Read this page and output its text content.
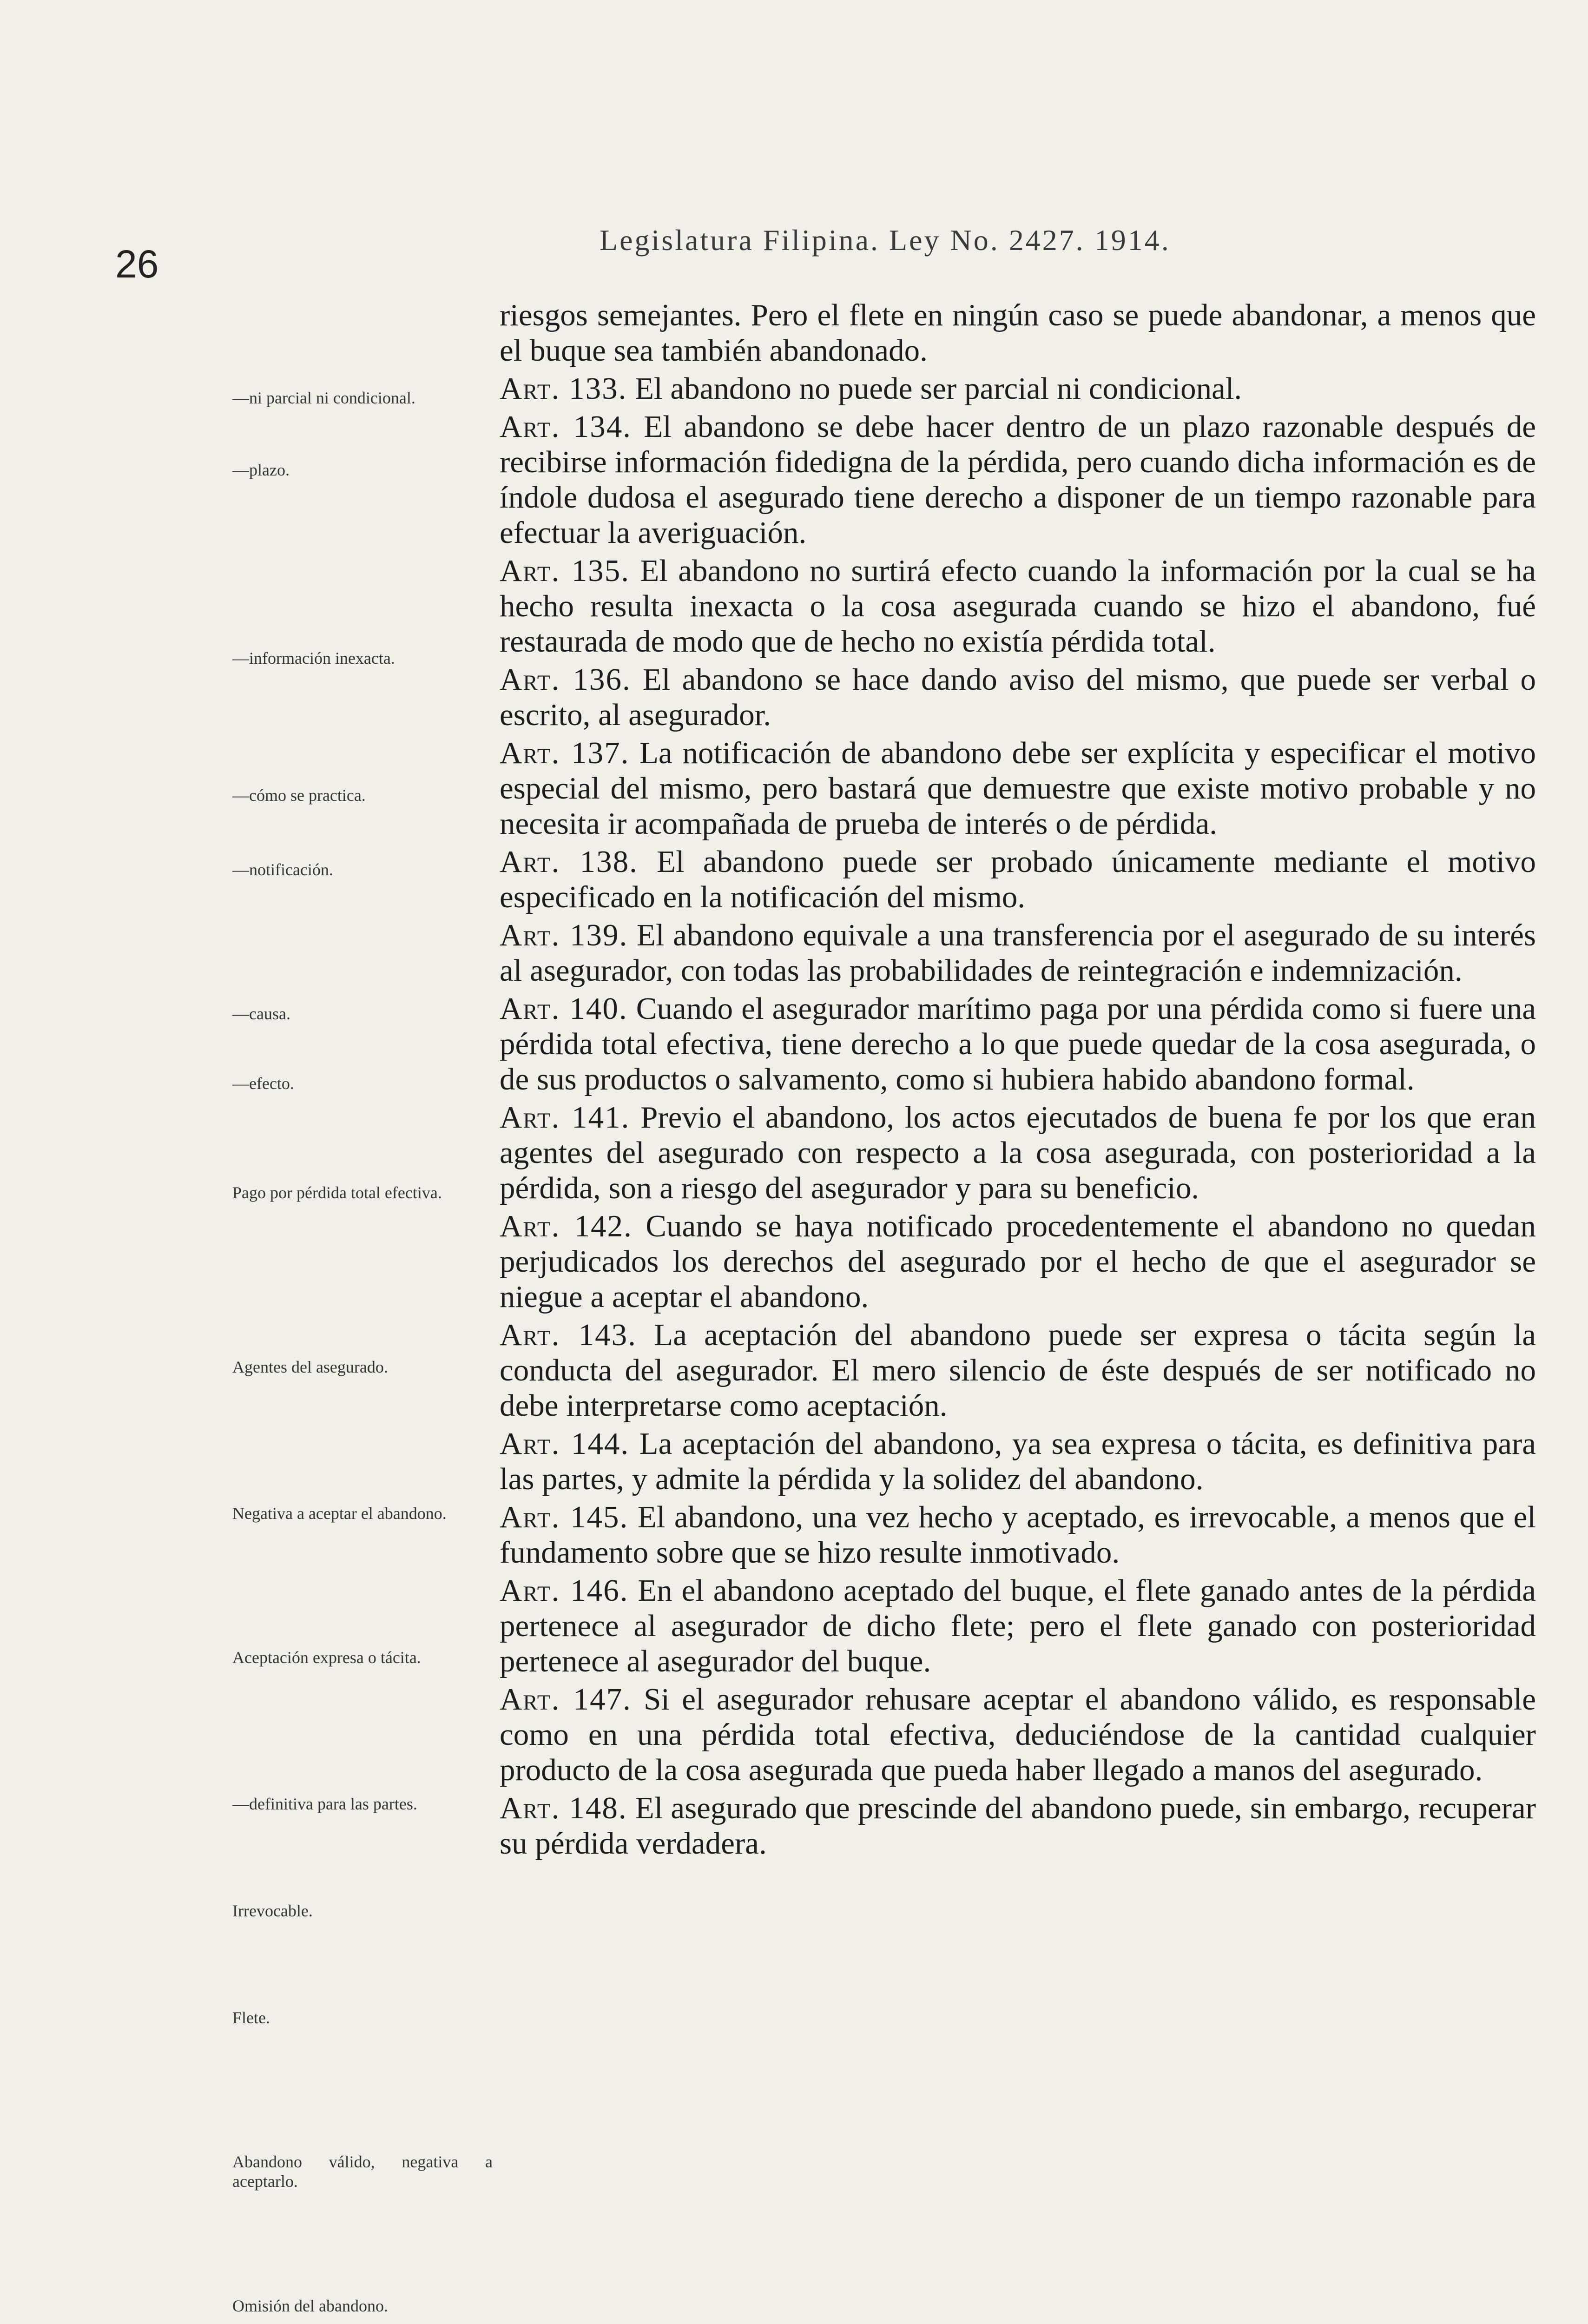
26
Legislatura Filipina. Ley No. 2427. 1914.
—ni parcial ni condicional.
—plazo.
—información inexacta.
—cómo se practica.
—notificación.
—causa.
—efecto.
Pago por pérdida total efectiva.
Agentes del asegurado.
Negativa a aceptar el abandono.
Aceptación expresa o tácita.
—definitiva para las partes.
Irrevocable.
Flete.
Abandono válido, negativa a aceptarlo.
Omisión del abandono.

riesgos semejantes. Pero el flete en ningún caso se puede abandonar, a menos que el buque sea también abandonado.

Art. 133. El abandono no puede ser parcial ni condicional.

Art. 134. El abandono se debe hacer dentro de un plazo razonable después de recibirse información fidedigna de la pérdida, pero cuando dicha información es de índole dudosa el asegurado tiene derecho a disponer de un tiempo razonable para efectuar la averiguación.

Art. 135. El abandono no surtirá efecto cuando la información por la cual se ha hecho resulta inexacta o la cosa asegurada cuando se hizo el abandono, fué restaurada de modo que de hecho no existía pérdida total.

Art. 136. El abandono se hace dando aviso del mismo, que puede ser verbal o escrito, al asegurador.

Art. 137. La notificación de abandono debe ser explícita y especificar el motivo especial del mismo, pero bastará que demuestre que existe motivo probable y no necesita ir acompañada de prueba de interés o de pérdida.

Art. 138. El abandono puede ser probado únicamente mediante el motivo especificado en la notificación del mismo.

Art. 139. El abandono equivale a una transferencia por el asegurado de su interés al asegurador, con todas las probabilidades de reintegración e indemnización.

Art. 140. Cuando el asegurador marítimo paga por una pérdida como si fuere una pérdida total efectiva, tiene derecho a lo que puede quedar de la cosa asegurada, o de sus productos o salvamento, como si hubiera habido abandono formal.

Art. 141. Previo el abandono, los actos ejecutados de buena fe por los que eran agentes del asegurado con respecto a la cosa asegurada, con posterioridad a la pérdida, son a riesgo del asegurador y para su beneficio.

Art. 142. Cuando se haya notificado procedentemente el abandono no quedan perjudicados los derechos del asegurado por el hecho de que el asegurador se niegue a aceptar el abandono.

Art. 143. La aceptación del abandono puede ser expresa o tácita según la conducta del asegurador. El mero silencio de éste después de ser notificado no debe interpretarse como aceptación.

Art. 144. La aceptación del abandono, ya sea expresa o tácita, es definitiva para las partes, y admite la pérdida y la solidez del abandono.

Art. 145. El abandono, una vez hecho y aceptado, es irrevocable, a menos que el fundamento sobre que se hizo resulte inmotivado.

Art. 146. En el abandono aceptado del buque, el flete ganado antes de la pérdida pertenece al asegurador de dicho flete; pero el flete ganado con posterioridad pertenece al asegurador del buque.

Art. 147. Si el asegurador rehusare aceptar el abandono válido, es responsable como en una pérdida total efectiva, deduciéndose de la cantidad cualquier producto de la cosa asegurada que pueda haber llegado a manos del asegurado.

Art. 148. El asegurado que prescinde del abandono puede, sin embargo, recuperar su pérdida verdadera.
